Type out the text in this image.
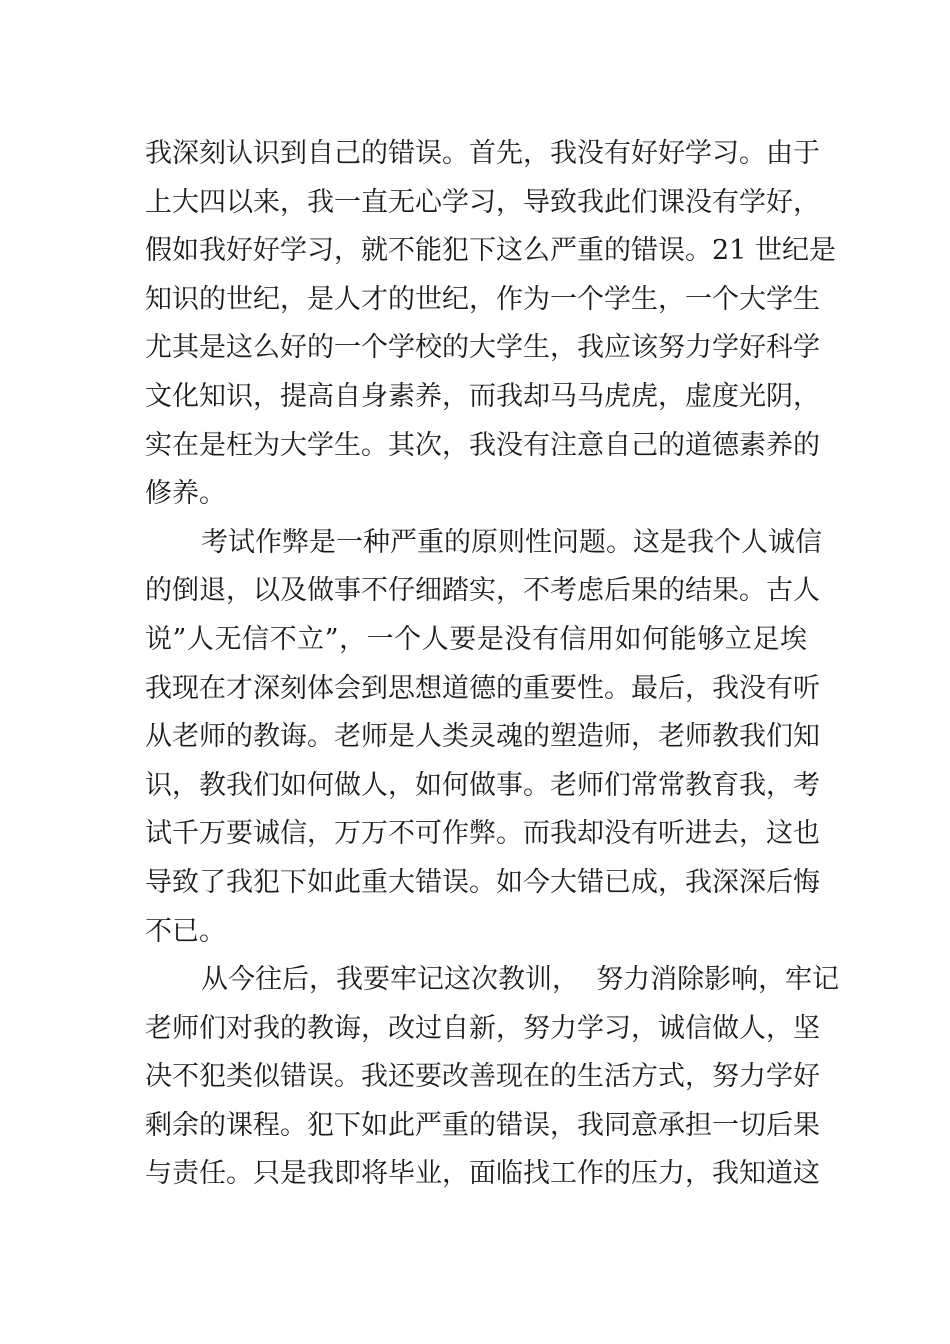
我深刻认识到自己的错误。首先，我没有好好学习。由于
上大四以来，我一直无心学习，导致我此们课没有学好，
假如我好好学习，就不能犯下这么严重的错误。21 世纪是
知识的世纪，是人才的世纪，作为一个学生，一个大学生
尤其是这么好的一个学校的大学生，我应该努力学好科学
文化知识，提高自身素养，而我却马马虎虎，虚度光阴，
实在是枉为大学生。其次，我没有注意自己的道德素养的
修养。
考试作弊是一种严重的原则性问题。这是我个人诚信
的倒退，以及做事不仔细踏实，不考虑后果的结果。古人
说”人无信不立”，一个人要是没有信用如何能够立足埃
我现在才深刻体会到思想道德的重要性。最后，我没有听
从老师的教诲。老师是人类灵魂的塑造师，老师教我们知
识，教我们如何做人，如何做事。老师们常常教育我，考
试千万要诚信，万万不可作弊。而我却没有听进去，这也
导致了我犯下如此重大错误。如今大错已成，我深深后悔
不已。
从今往后，我要牢记这次教训，  努力消除影响，牢记
老师们对我的教诲，改过自新，努力学习，诚信做人，坚
决不犯类似错误。我还要改善现在的生活方式，努力学好
剩余的课程。犯下如此严重的错误，我同意承担一切后果
与责任。只是我即将毕业，面临找工作的压力，我知道这
